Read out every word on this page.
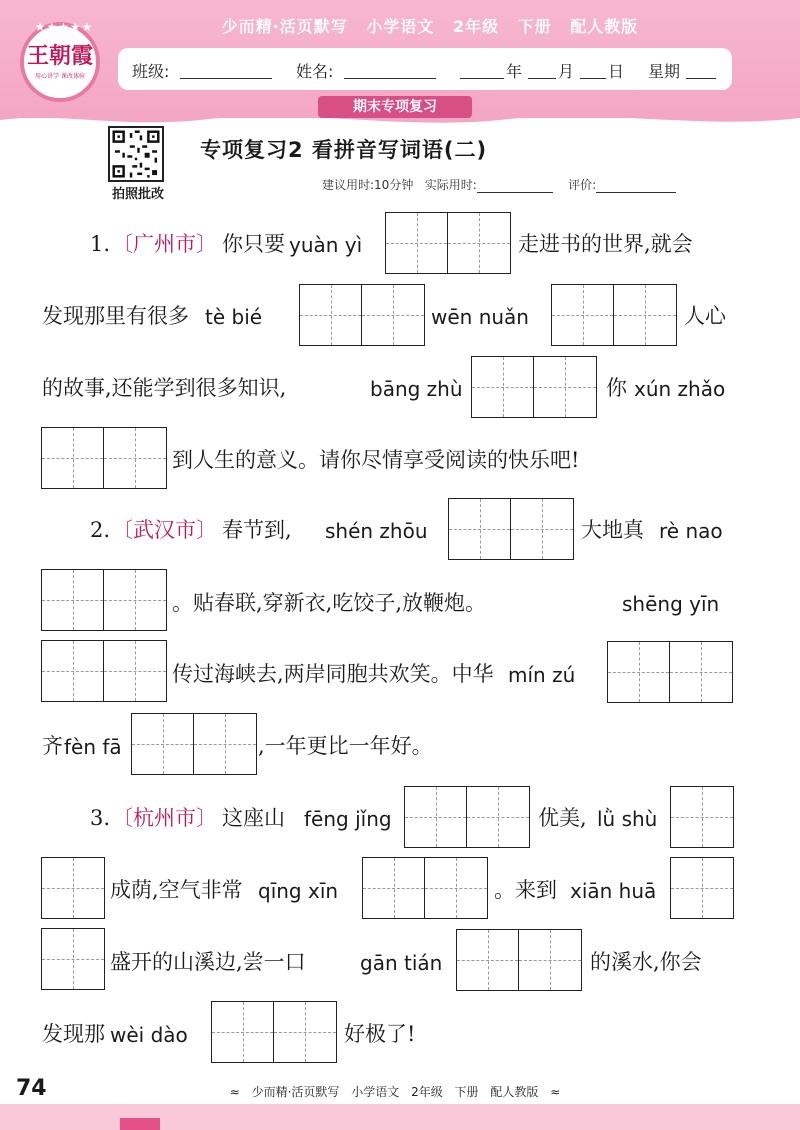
少而精·活页默写 小学语文 2年级 下册 配人教版
★★★★★
王朝霞
用心讲学 课改体验	班级:	姓名:	年 月 日 星期
期末专项复习
拍照批改
专项复习2 看拼音写词语(二)
建议用时:10分钟 实际用时:	评价:
1. 〔广州市〕 你只要 yuàn yì	走进书的世界,就会
发现那里有很多 tè bié	wēn nuǎn	人心
的故事,还能学到很多知识,	bāng zhù	你 xún zhǎo
到人生的意义。请你尽情享受阅读的快乐吧!
2. 〔武汉市〕 春节到, shén zhōu	大地真 rè nao
。贴春联,穿新衣,吃饺子,放鞭炮。	shēng yīn
传过海峡去,两岸同胞共欢笑。中华 mín zú
齐 fèn fā	,一年更比一年好。
3. 〔杭州市〕 这座山 fēng jǐng	优美, lǜ shù
成荫,空气非常 qīng xīn	。来到 xiān huā
盛开的山溪边,尝一口	gān tián	的溪水,你会
发现那 wèi dào	好极了!
74	≈ 少而精·活页默写 小学语文 2年级 下册 配人教版 ≈
